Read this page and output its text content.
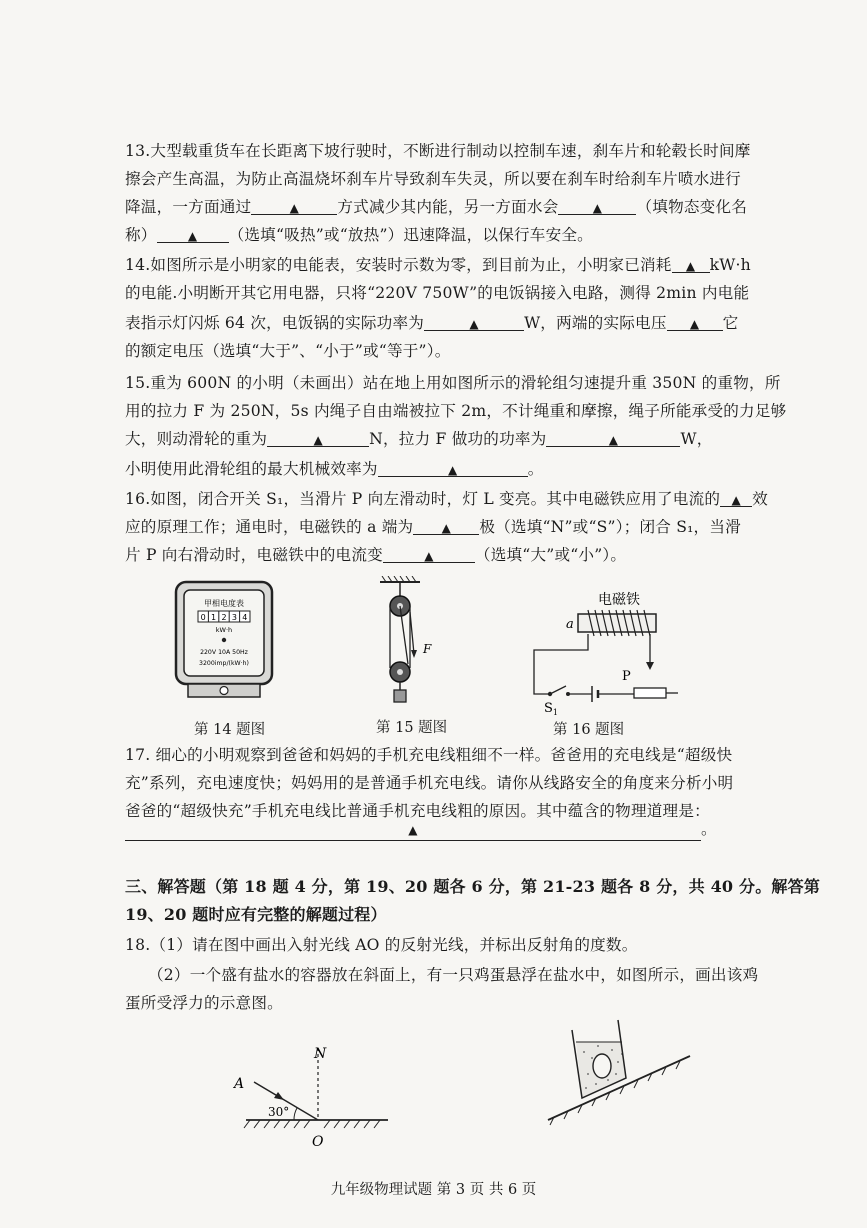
13.大型载重货车在长距离下坡行驶时，不断进行制动以控制车速，刹车片和轮毂长时间摩
擦会产生高温，为防止高温烧坏刹车片导致刹车失灵，所以要在刹车时给刹车片喷水进行
降温，一方面通过	▲ 方式减少其内能，另一方面水会	▲ （填物态变化名
称）	▲ （选填“吸热”或“放热”）迅速降温，以保行车安全。
14.如图所示是小明家的电能表，安装时示数为零，到目前为止，小明家已消耗 ▲ kW·h
的电能.小明断开其它用电器，只将“220V 750W”的电饭锅接入电路，测得 2min 内电能
表指示灯闪烁 64 次，电饭锅的实际功率为	▲	W，两端的实际电压 ▲ 它
的额定电压（选填“大于”、“小于”或“等于”）。
15.重为 600N 的小明（未画出）站在地上用如图所示的滑轮组匀速提升重 350N 的重物，所
用的拉力 F 为 250N，5s 内绳子自由端被拉下 2m，不计绳重和摩擦，绳子所能承受的力足够
大，则动滑轮的重为	▲	N，拉力 F 做功的功率为	▲	W，
小明使用此滑轮组的最大机械效率为	▲	。
16.如图，闭合开关 S₁，当滑片 P 向左滑动时，灯 L 变亮。其中电磁铁应用了电流的 ▲ 效
应的原理工作；通电时，电磁铁的 a 端为 ▲ 极（选填“N”或“S”）；闭合 S₁，当滑
片 P 向右滑动时，电磁铁中的电流变	▲	（选填“大”或“小”）。
甲相电度表
0 1 2 3 4
kW·h
220V 10A 50Hz
3200imp/(kW·h)
第 14 题图
F
第 15 题图
电磁铁
a
P
$S_1$
第 16 题图
17. 细心的小明观察到爸爸和妈妈的手机充电线粗细不一样。爸爸用的充电线是“超级快
充”系列，充电速度快；妈妈用的是普通手机充电线。请你从线路安全的角度来分析小明
爸爸的“超级快充”手机充电线比普通手机充电线粗的原因。其中蕴含的物理道理是：
▲	。
三、解答题（第 18 题 4 分，第 19、20 题各 6 分，第 21-23 题各 8 分，共 40 分。解答第
19、20 题时应有完整的解题过程）
18.（1）请在图中画出入射光线 AO 的反射光线，并标出反射角的度数。
（2）一个盛有盐水的容器放在斜面上，有一只鸡蛋悬浮在盐水中，如图所示，画出该鸡
蛋所受浮力的示意图。
N
A
30°
O
九年级物理试题 第 3 页 共 6 页
